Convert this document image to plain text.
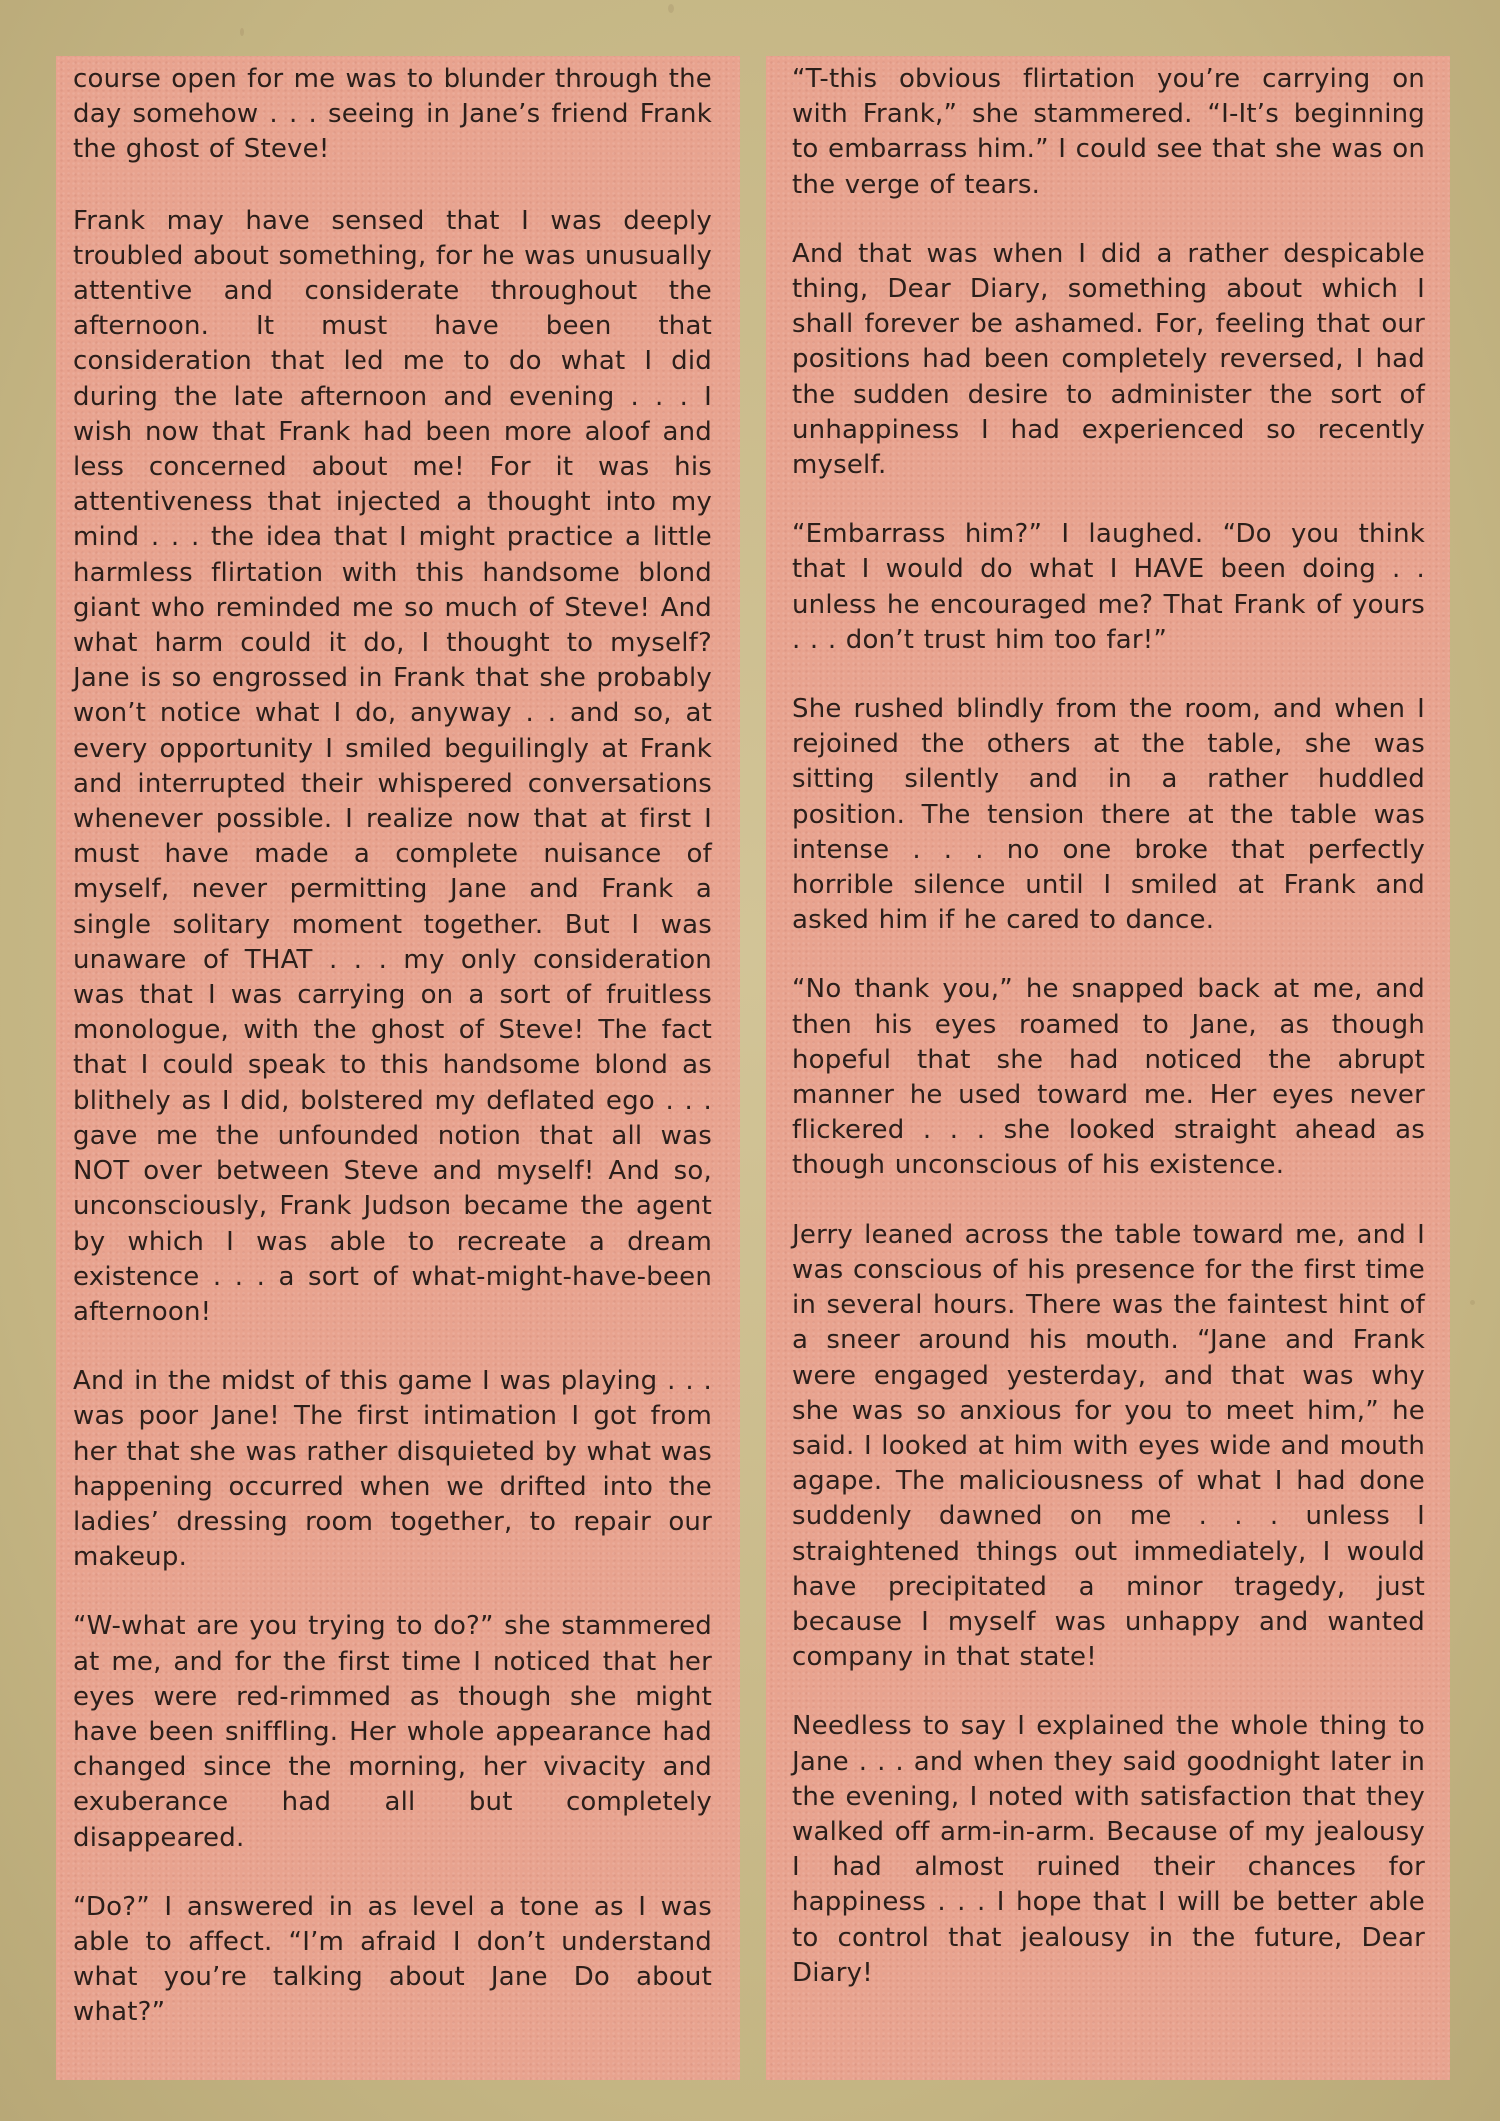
course open for me was to blunder through the day somehow . . . seeing in Jane’s friend Frank the ghost of Steve!

Frank may have sensed that I was deeply troubled about something, for he was unusually attentive and considerate throughout the afternoon. It must have been that consideration that led me to do what I did during the late afternoon and evening . . . I wish now that Frank had been more aloof and less concerned about me! For it was his attentiveness that injected a thought into my mind . . . the idea that I might practice a little harmless flirtation with this handsome blond giant who reminded me so much of Steve! And what harm could it do, I thought to myself? Jane is so engrossed in Frank that she probably won’t notice what I do, anyway . . and so, at every opportunity I smiled beguilingly at Frank and interrupted their whispered conversations whenever possible. I realize now that at first I must have made a complete nuisance of myself, never permitting Jane and Frank a single solitary moment together. But I was unaware of THAT . . . my only consideration was that I was carrying on a sort of fruitless monologue, with the ghost of Steve! The fact that I could speak to this handsome blond as blithely as I did, bolstered my deflated ego . . . gave me the unfounded notion that all was NOT over between Steve and myself! And so, unconsciously, Frank Judson became the agent by which I was able to recreate a dream existence . . . a sort of what-might-have-been afternoon!

And in the midst of this game I was playing . . . was poor Jane! The first intimation I got from her that she was rather disquieted by what was happening occurred when we drifted into the ladies’ dressing room together, to repair our makeup.

“W-what are you trying to do?” she stammered at me, and for the first time I noticed that her eyes were red-rimmed as though she might have been sniffling. Her whole appearance had changed since the morning, her vivacity and exuberance had all but completely disappeared.

“Do?” I answered in as level a tone as I was able to affect. “I’m afraid I don’t understand what you’re talking about Jane Do about what?”

“T-this obvious flirtation you’re carrying on with Frank,” she stammered. “I-It’s beginning to embarrass him.” I could see that she was on the verge of tears.

And that was when I did a rather despicable thing, Dear Diary, something about which I shall forever be ashamed. For, feeling that our positions had been completely reversed, I had the sudden desire to administer the sort of unhappiness I had experienced so recently myself.

“Embarrass him?” I laughed. “Do you think that I would do what I HAVE been doing . . unless he encouraged me? That Frank of yours . . . don’t trust him too far!”

She rushed blindly from the room, and when I rejoined the others at the table, she was sitting silently and in a rather huddled position. The tension there at the table was intense . . . no one broke that perfectly horrible silence until I smiled at Frank and asked him if he cared to dance.

“No thank you,” he snapped back at me, and then his eyes roamed to Jane, as though hopeful that she had noticed the abrupt manner he used toward me. Her eyes never flickered . . . she looked straight ahead as though unconscious of his existence.

Jerry leaned across the table toward me, and I was conscious of his presence for the first time in several hours. There was the faintest hint of a sneer around his mouth. “Jane and Frank were engaged yesterday, and that was why she was so anxious for you to meet him,” he said. I looked at him with eyes wide and mouth agape. The maliciousness of what I had done suddenly dawned on me . . . unless I straightened things out immediately, I would have precipitated a minor tragedy, just because I myself was unhappy and wanted company in that state!

Needless to say I explained the whole thing to Jane . . . and when they said goodnight later in the evening, I noted with satisfaction that they walked off arm-in-arm. Because of my jealousy I had almost ruined their chances for happiness . . . I hope that I will be better able to control that jealousy in the future, Dear Diary!
